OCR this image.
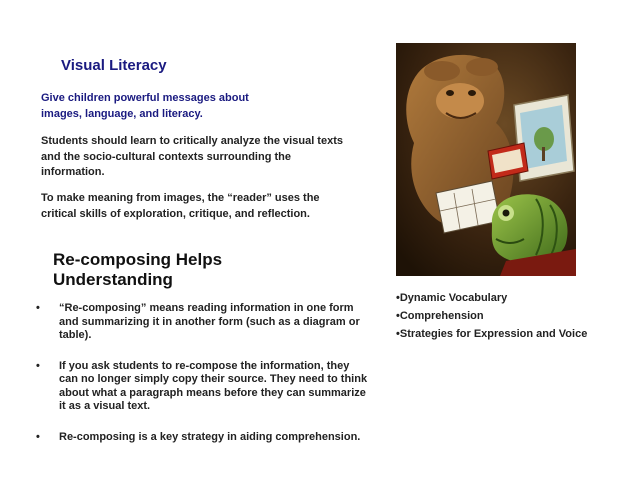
Visual Literacy
Give children powerful messages about
images, language, and literacy.
Students should learn to critically analyze the visual texts
and the socio-cultural contexts surrounding the
information.
To make meaning from images, the “reader” uses the
critical skills of exploration, critique, and reflection.
Re-composing Helps
Understanding
• “Re-composing” means reading information in one form
and summarizing it in another form (such as a diagram or
table).
• If you ask students to re-compose the information, they
can no longer simply copy their source. They need to think
about what a paragraph means before they can summarize
it as a visual text.
• Re-composing is a key strategy in aiding comprehension.
•Dynamic Vocabulary
•Comprehension
•Strategies for Expression and Voice
